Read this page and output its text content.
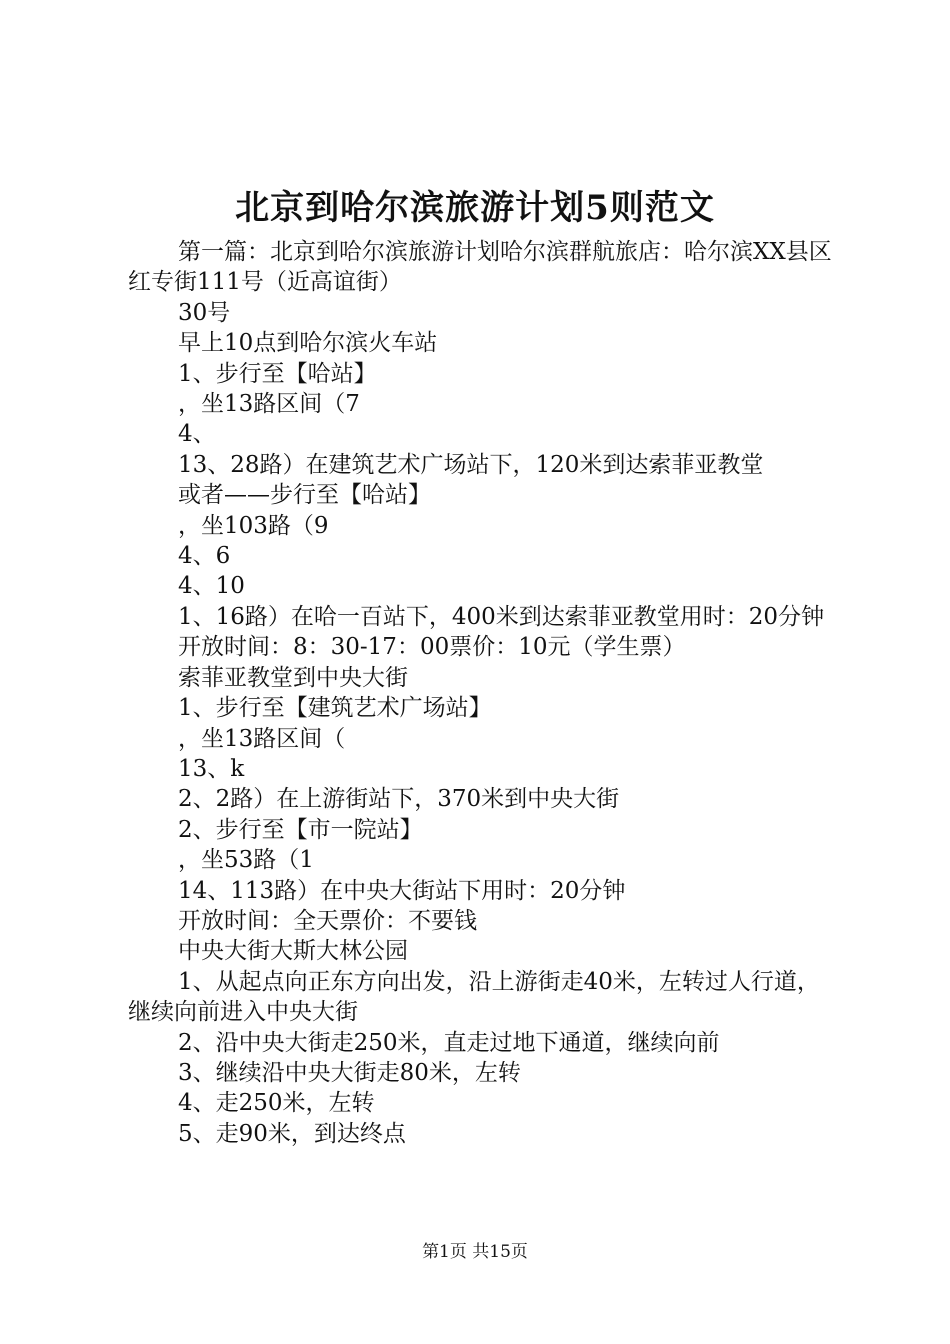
北京到哈尔滨旅游计划5则范文

第一篇：北京到哈尔滨旅游计划哈尔滨群航旅店：哈尔滨XX县区红专街111号（近高谊街）

30号

早上10点到哈尔滨火车站

1、步行至【哈站】

，坐13路区间（7

4、

13、28路）在建筑艺术广场站下，120米到达索菲亚教堂

或者——步行至【哈站】

，坐103路（9

4、6

4、10

1、16路）在哈一百站下，400米到达索菲亚教堂用时：20分钟

开放时间：8：30-17：00票价：10元（学生票）

索菲亚教堂到中央大街

1、步行至【建筑艺术广场站】

，坐13路区间（

13、k

2、2路）在上游街站下，370米到中央大街

2、步行至【市一院站】

，坐53路（1

14、113路）在中央大街站下用时：20分钟

开放时间：全天票价：不要钱

中央大街大斯大林公园

1、从起点向正东方向出发，沿上游街走40米，左转过人行道，继续向前进入中央大街

2、沿中央大街走250米，直走过地下通道，继续向前

3、继续沿中央大街走80米，左转

4、走250米，左转

5、走90米，到达终点

第1页 共15页
